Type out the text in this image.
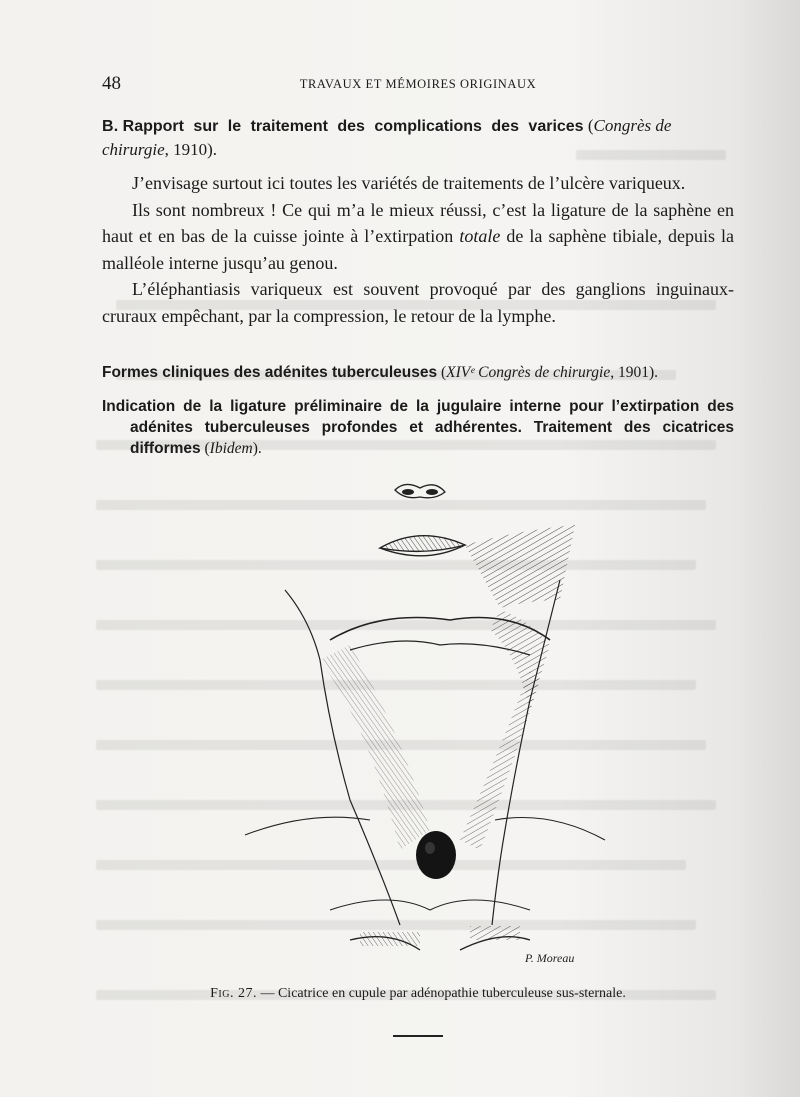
48	TRAVAUX ET MÉMOIRES ORIGINAUX
B. Rapport sur le traitement des complications des varices (Congrès de chirurgie, 1910).

J’envisage surtout ici toutes les variétés de traitements de l’ulcère variqueux.

Ils sont nombreux ! Ce qui m’a le mieux réussi, c’est la ligature de la saphène en haut et en bas de la cuisse jointe à l’extirpation totale de la saphène tibiale, depuis la malléole interne jusqu’au genou.

L’éléphantiasis variqueux est souvent provoqué par des ganglions inguinaux-cruraux empêchant, par la compression, le retour de la lymphe.

Formes cliniques des adénites tuberculeuses (XIVᵉ Congrès de chirurgie, 1901).
Indication de la ligature préliminaire de la jugulaire interne pour l’extirpation des adénites tuberculeuses profondes et adhérentes. Traitement des cicatrices difformes (Ibidem).
P. Moreau
Fig. 27. — Cicatrice en cupule par adénopathie tuberculeuse sus-sternale.
